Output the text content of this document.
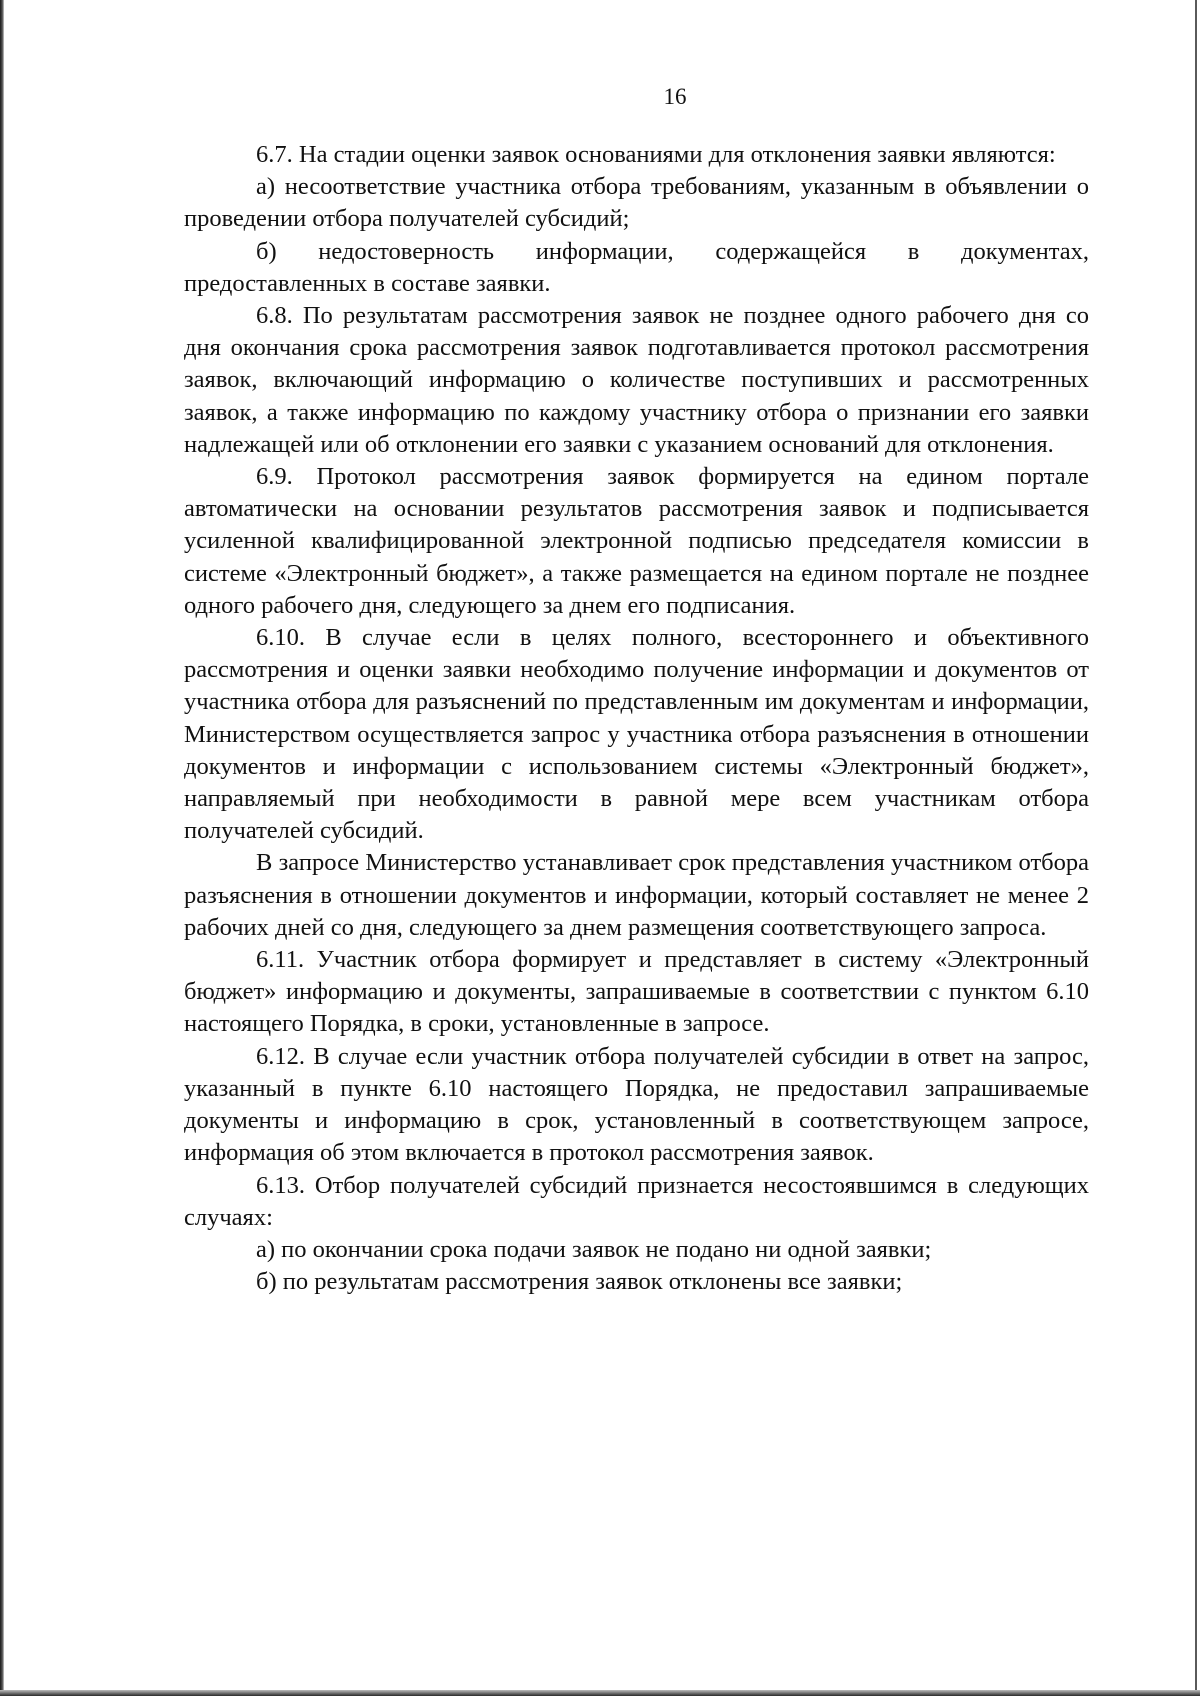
16

6.7. На стадии оценки заявок основаниями для отклонения заявки являются:

а) несоответствие участника отбора требованиям, указанным в объявлении о проведении отбора получателей субсидий;

б) недостоверность информации, содержащейся в документах, предоставленных в составе заявки.

6.8. По результатам рассмотрения заявок не позднее одного рабочего дня со дня окончания срока рассмотрения заявок подготавливается протокол рассмотрения заявок, включающий информацию о количестве поступивших и рассмотренных заявок, а также информацию по каждому участнику отбора о признании его заявки надлежащей или об отклонении его заявки с указанием оснований для отклонения.

6.9. Протокол рассмотрения заявок формируется на едином портале автоматически на основании результатов рассмотрения заявок и подписывается усиленной квалифицированной электронной подписью председателя комиссии в системе «Электронный бюджет», а также размещается на едином портале не позднее одного рабочего дня, следующего за днем его подписания.

6.10. В случае если в целях полного, всестороннего и объективного рассмотрения и оценки заявки необходимо получение информации и документов от участника отбора для разъяснений по представленным им документам и информации, Министерством осуществляется запрос у участника отбора разъяснения в отношении документов и информации с использованием системы «Электронный бюджет», направляемый при необходимости в равной мере всем участникам отбора получателей субсидий.

В запросе Министерство устанавливает срок представления участником отбора разъяснения в отношении документов и информации, который составляет не менее 2 рабочих дней со дня, следующего за днем размещения соответствующего запроса.

6.11. Участник отбора формирует и представляет в систему «Электронный бюджет» информацию и документы, запрашиваемые в соответствии с пунктом 6.10 настоящего Порядка, в сроки, установленные в запросе.

6.12. В случае если участник отбора получателей субсидии в ответ на запрос, указанный в пункте 6.10 настоящего Порядка, не предоставил запрашиваемые документы и информацию в срок, установленный в соответствующем запросе, информация об этом включается в протокол рассмотрения заявок.

6.13. Отбор получателей субсидий признается несостоявшимся в следующих случаях:

а) по окончании срока подачи заявок не подано ни одной заявки;

б) по результатам рассмотрения заявок отклонены все заявки;
